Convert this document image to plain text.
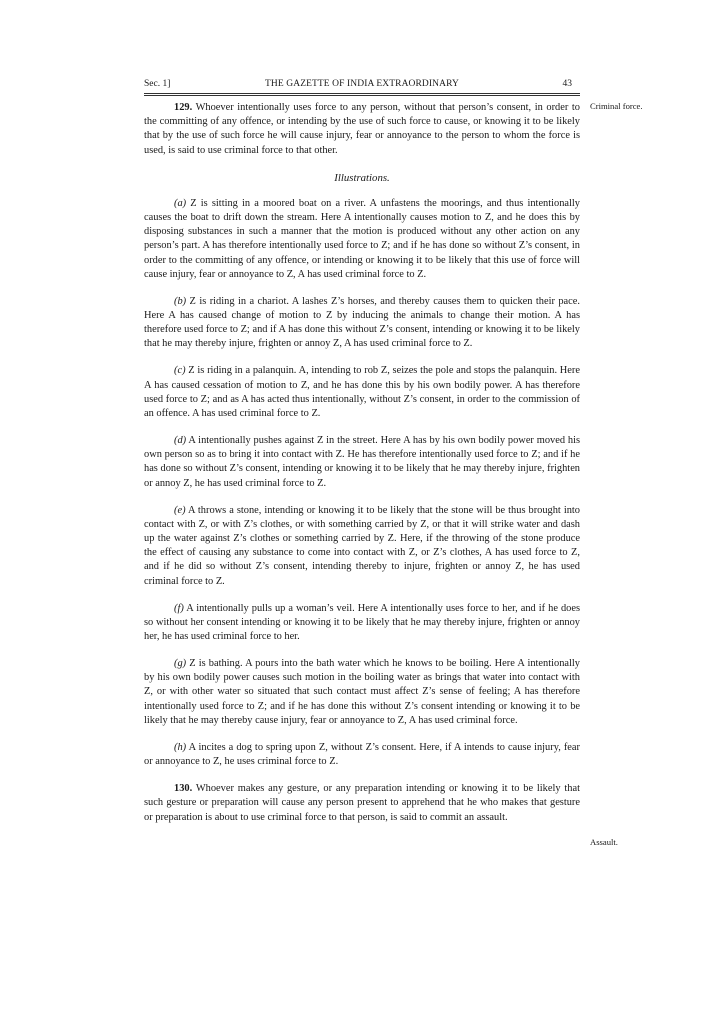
Sec. 1]	THE GAZETTE OF INDIA EXTRAORDINARY	43
Criminal force.
Assault.

129. Whoever intentionally uses force to any person, without that person’s consent, in order to the committing of any offence, or intending by the use of such force to cause, or knowing it to be likely that by the use of such force he will cause injury, fear or annoyance to the person to whom the force is used, is said to use criminal force to that other.

Illustrations.

(a) Z is sitting in a moored boat on a river. A unfastens the moorings, and thus intentionally causes the boat to drift down the stream. Here A intentionally causes motion to Z, and he does this by disposing substances in such a manner that the motion is produced without any other action on any person’s part. A has therefore intentionally used force to Z; and if he has done so without Z’s consent, in order to the committing of any offence, or intending or knowing it to be likely that this use of force will cause injury, fear or annoyance to Z, A has used criminal force to Z.

(b) Z is riding in a chariot. A lashes Z’s horses, and thereby causes them to quicken their pace. Here A has caused change of motion to Z by inducing the animals to change their motion. A has therefore used force to Z; and if A has done this without Z’s consent, intending or knowing it to be likely that he may thereby injure, frighten or annoy Z, A has used criminal force to Z.

(c) Z is riding in a palanquin. A, intending to rob Z, seizes the pole and stops the palanquin. Here A has caused cessation of motion to Z, and he has done this by his own bodily power. A has therefore used force to Z; and as A has acted thus intentionally, without Z’s consent, in order to the commission of an offence. A has used criminal force to Z.

(d) A intentionally pushes against Z in the street. Here A has by his own bodily power moved his own person so as to bring it into contact with Z. He has therefore intentionally used force to Z; and if he has done so without Z’s consent, intending or knowing it to be likely that he may thereby injure, frighten or annoy Z, he has used criminal force to Z.

(e) A throws a stone, intending or knowing it to be likely that the stone will be thus brought into contact with Z, or with Z’s clothes, or with something carried by Z, or that it will strike water and dash up the water against Z’s clothes or something carried by Z. Here, if the throwing of the stone produce the effect of causing any substance to come into contact with Z, or Z’s clothes, A has used force to Z, and if he did so without Z’s consent, intending thereby to injure, frighten or annoy Z, he has used criminal force to Z.

(f) A intentionally pulls up a woman’s veil. Here A intentionally uses force to her, and if he does so without her consent intending or knowing it to be likely that he may thereby injure, frighten or annoy her, he has used criminal force to her.

(g) Z is bathing. A pours into the bath water which he knows to be boiling. Here A intentionally by his own bodily power causes such motion in the boiling water as brings that water into contact with Z, or with other water so situated that such contact must affect Z’s sense of feeling; A has therefore intentionally used force to Z; and if he has done this without Z’s consent intending or knowing it to be likely that he may thereby cause injury, fear or annoyance to Z, A has used criminal force.

(h) A incites a dog to spring upon Z, without Z’s consent. Here, if A intends to cause injury, fear or annoyance to Z, he uses criminal force to Z.

130. Whoever makes any gesture, or any preparation intending or knowing it to be likely that such gesture or preparation will cause any person present to apprehend that he who makes that gesture or preparation is about to use criminal force to that person, is said to commit an assault.
